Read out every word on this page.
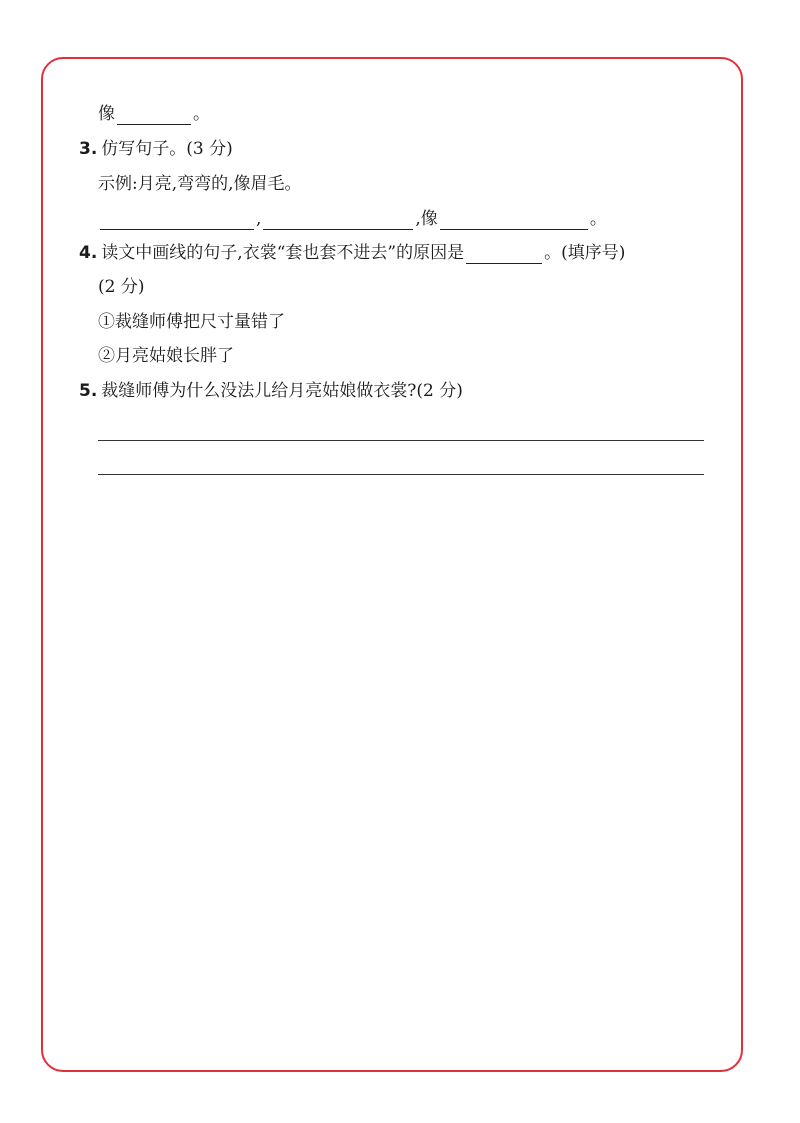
像	。
3. 仿写句子。(3 分)
示例:月亮,弯弯的,像眉毛。
,	,像	。
4. 读文中画线的句子,衣裳“套也套不进去”的原因是	。(填序号)
(2 分)
①裁缝师傅把尺寸量错了
②月亮姑娘长胖了
5. 裁缝师傅为什么没法儿给月亮姑娘做衣裳?(2 分)
